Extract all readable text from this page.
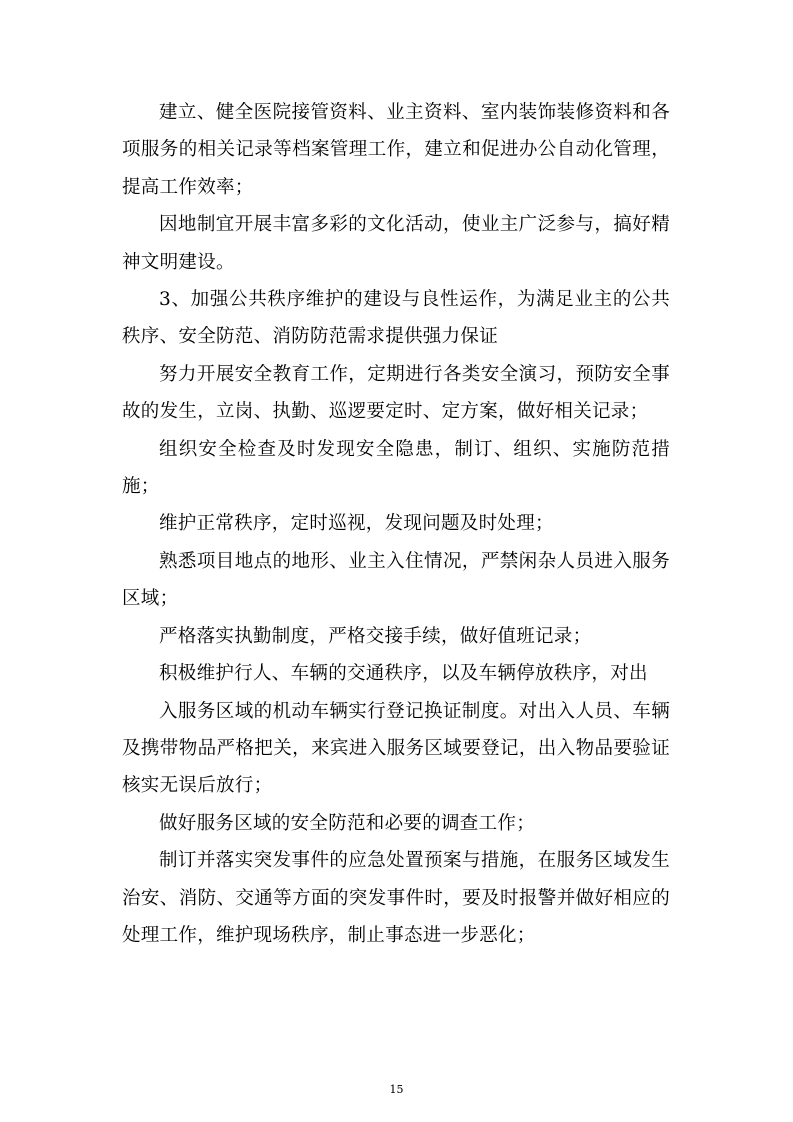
建立、健全医院接管资料、业主资料、室内装饰装修资料和各项服务的相关记录等档案管理工作，建立和促进办公自动化管理，提高工作效率；

因地制宜开展丰富多彩的文化活动，使业主广泛参与，搞好精神文明建设。

3、加强公共秩序维护的建设与良性运作，为满足业主的公共秩序、安全防范、消防防范需求提供强力保证

努力开展安全教育工作，定期进行各类安全演习，预防安全事故的发生，立岗、执勤、巡逻要定时、定方案，做好相关记录；

组织安全检查及时发现安全隐患，制订、组织、实施防范措施；

维护正常秩序，定时巡视，发现问题及时处理；

熟悉项目地点的地形、业主入住情况，严禁闲杂人员进入服务区域；

严格落实执勤制度，严格交接手续，做好值班记录；

积极维护行人、车辆的交通秩序，以及车辆停放秩序，对出

入服务区域的机动车辆实行登记换证制度。对出入人员、车辆及携带物品严格把关，来宾进入服务区域要登记，出入物品要验证核实无误后放行；

做好服务区域的安全防范和必要的调查工作；

制订并落实突发事件的应急处置预案与措施，在服务区域发生治安、消防、交通等方面的突发事件时，要及时报警并做好相应的处理工作，维护现场秩序，制止事态进一步恶化；

15
